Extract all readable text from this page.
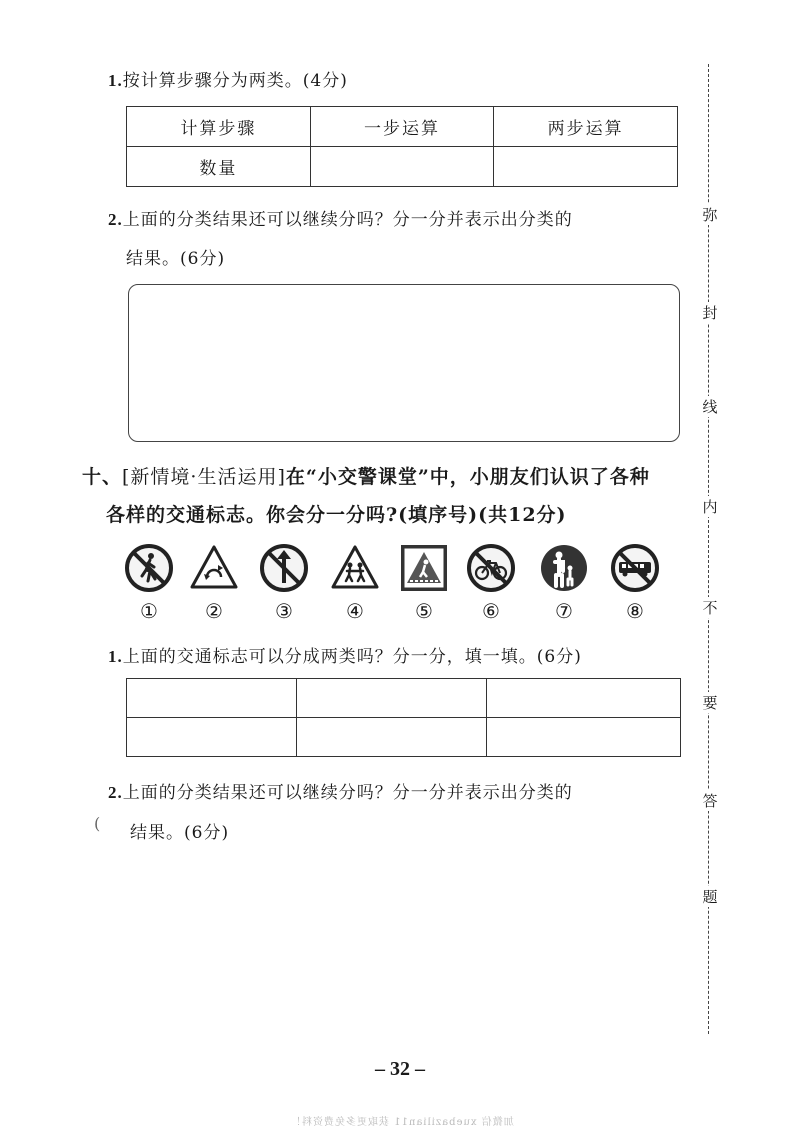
1.按计算步骤分为两类。(4分)
计算步骤	一步运算	两步运算
数量		
2.上面的分类结果还可以继续分吗？分一分并表示出分类的
结果。(6分)
十、[新情境·生活运用]在“小交警课堂”中，小朋友们认识了各种
各样的交通标志。你会分一分吗?(填序号)(共12分)
①	②	③	④	⑤	⑥	⑦	⑧
1.上面的交通标志可以分成两类吗？分一分，填一填。(6分)

2.上面的分类结果还可以继续分吗？分一分并表示出分类的
结果。(6分)
(
弥
封
线
内
不
要
答
题
– 32 –
加微信 xuebazilian11 获取更多免费资料！
